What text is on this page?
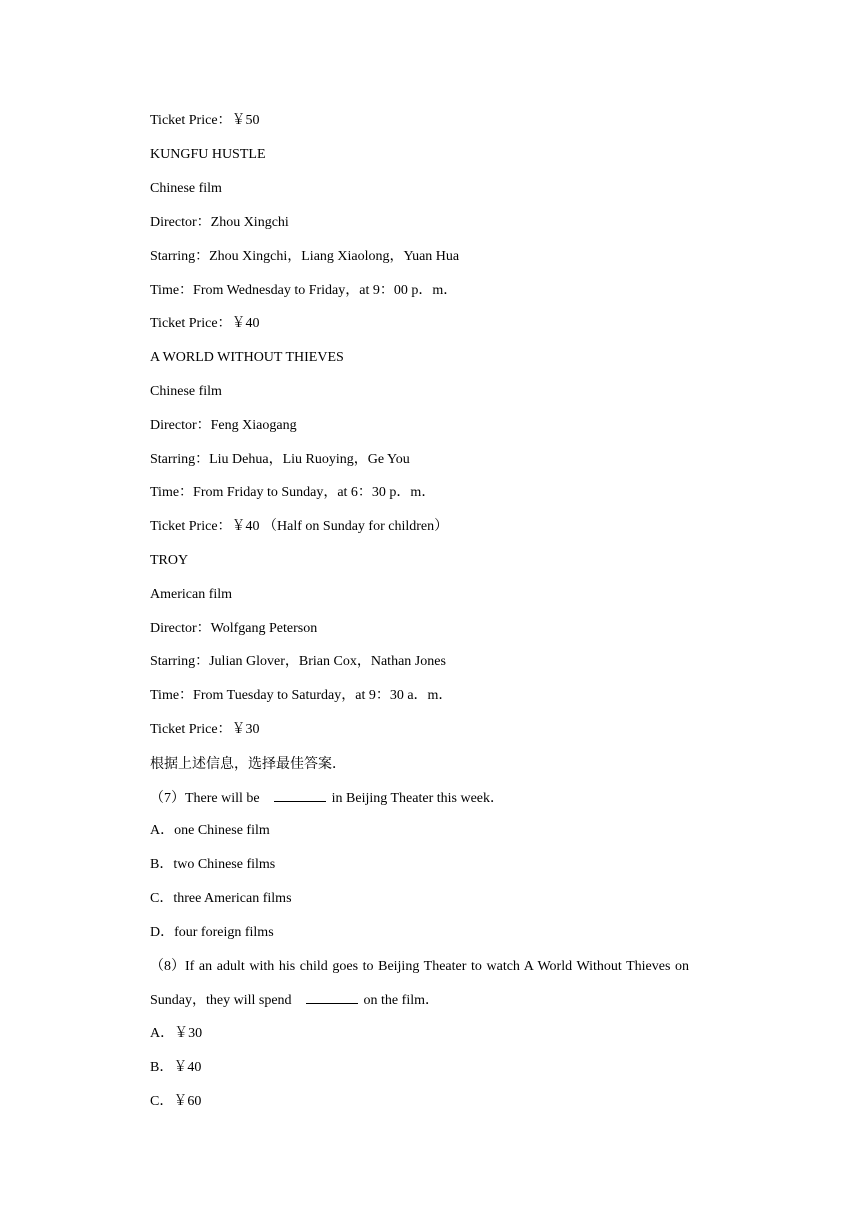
Ticket Price：￥50

KUNGFU HUSTLE

Chinese film

Director：Zhou Xingchi

Starring：Zhou Xingchi，Liang Xiaolong，Yuan Hua

Time：From Wednesday to Friday，at 9：00 p．m．

Ticket Price：￥40

A WORLD WITHOUT THIEVES

Chinese film

Director：Feng Xiaogang

Starring：Liu Dehua，Liu Ruoying，Ge You

Time：From Friday to Sunday，at 6：30 p．m．

Ticket Price：￥40 （Half on Sunday for children）

TROY

American film

Director：Wolfgang Peterson

Starring：Julian Glover，Brian Cox，Nathan Jones

Time：From Tuesday to Saturday，at 9：30 a．m．

Ticket Price：￥30

根据上述信息，选择最佳答案．

（7）There will be	in Beijing Theater this week．

A．one Chinese film

B．two Chinese films

C．three American films

D．four foreign films

（8）If an adult with his child goes to Beijing Theater to watch A World Without Thieves on

Sunday，they will spend	on the film．

A．￥30

B．￥40

C．￥60
